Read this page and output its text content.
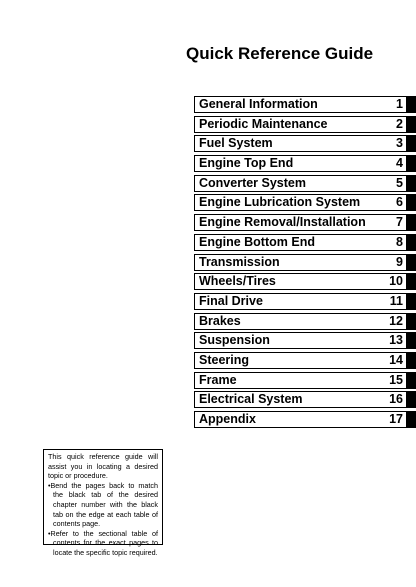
Quick Reference Guide
General Information	1
Periodic Maintenance	2
Fuel System	3
Engine Top End	4
Converter System	5
Engine Lubrication System	6
Engine Removal/Installation 7
Engine Bottom End	8
Transmission	9
Wheels/Tires	10
Final Drive	11
Brakes	12
Suspension	13
Steering	14
Frame	15
Electrical System	16
Appendix	17

This quick reference guide will assist you in locating a desired topic or procedure.

•Bend the pages back to match the black tab of the desired chapter number with the black tab on the edge at each table of contents page.

•Refer to the sectional table of contents for the exact pages to locate the specific topic required.
